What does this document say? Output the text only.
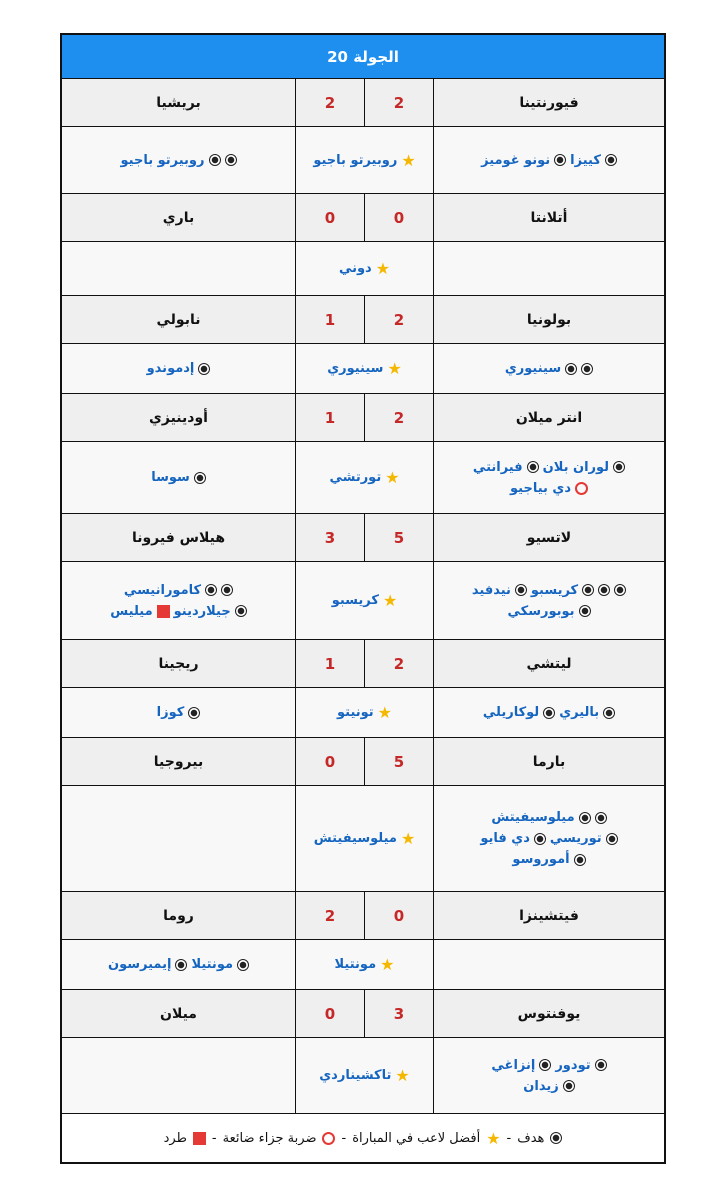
الجولة 20
فيورنتينا
2
2
بريشيا
كييزا
نونو غوميز
★
روبيرتو باجيو
روبيرتو باجيو
أتلانتا
0
0
باري
★
دوني
بولونيا
2
1
نابولي
سينيوري
★
سينيوري
إدموندو
انتر ميلان
2
1
أودينيزي
لوران بلان
فيرانتي
دي بياجيو
★
تورتشي
سوسا
لاتسيو
5
3
هيلاس فيرونا
كريسبو
نيدفيد
بوبورسكي
★
كريسبو
كامورانيسي
جيلاردينو
ميليس
ليتشي
2
1
ريجينا
باليري
لوكاريلي
★
تونيتو
كوزا
بارما
5
0
بيروجيا
ميلوسيفيتش
توريسي
دي فايو
أموروسو
★
ميلوسيفيتش
فيتشينزا
0
2
روما
★
مونتيلا
مونتيلا
إيميرسون
يوفنتوس
3
0
ميلان
تودور
إنزاغي
زيدان
★
تاكشيناردي
هدف
-
★
أفضل لاعب في المباراة
-
ضربة جزاء ضائعة
-
طرد
